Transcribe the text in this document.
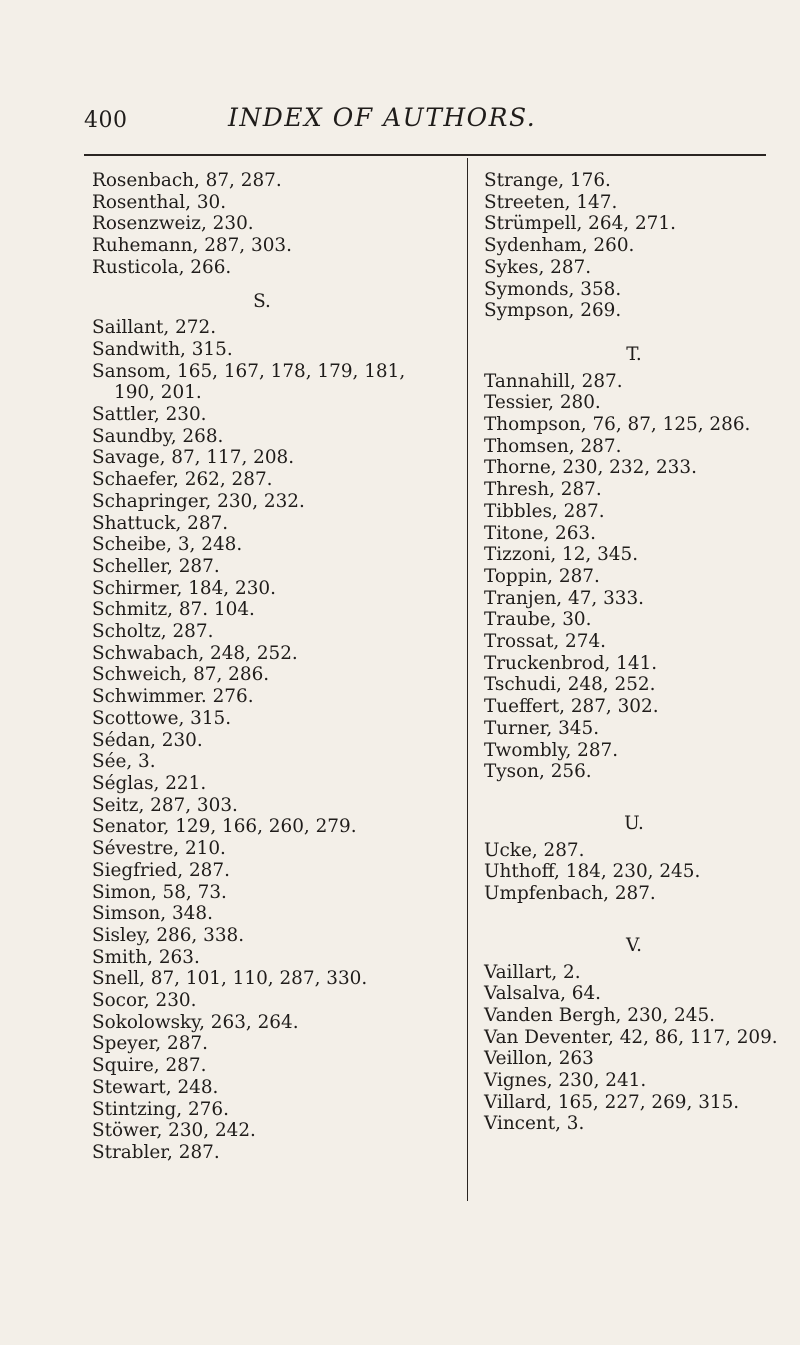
400	INDEX OF AUTHORS.
Rosenbach, 87, 287.
Rosenthal, 30.
Rosenzweiz, 230.
Ruhemann, 287, 303.
Rusticola, 266.
S.
Saillant, 272.
Sandwith, 315.
Sansom, 165, 167, 178, 179, 181,
190, 201.
Sattler, 230.
Saundby, 268.
Savage, 87, 117, 208.
Schaefer, 262, 287.
Schapringer, 230, 232.
Shattuck, 287.
Scheibe, 3, 248.
Scheller, 287.
Schirmer, 184, 230.
Schmitz, 87. 104.
Scholtz, 287.
Schwabach, 248, 252.
Schweich, 87, 286.
Schwimmer. 276.
Scottowe, 315.
Sédan, 230.
Sée, 3.
Séglas, 221.
Seitz, 287, 303.
Senator, 129, 166, 260, 279.
Sévestre, 210.
Siegfried, 287.
Simon, 58, 73.
Simson, 348.
Sisley, 286, 338.
Smith, 263.
Snell, 87, 101, 110, 287, 330.
Socor, 230.
Sokolowsky, 263, 264.
Speyer, 287.
Squire, 287.
Stewart, 248.
Stintzing, 276.
Stöwer, 230, 242.
Strabler, 287.
Strange, 176.
Streeten, 147.
Strümpell, 264, 271.
Sydenham, 260.
Sykes, 287.
Symonds, 358.
Sympson, 269.
T.
Tannahill, 287.
Tessier, 280.
Thompson, 76, 87, 125, 286.
Thomsen, 287.
Thorne, 230, 232, 233.
Thresh, 287.
Tibbles, 287.
Titone, 263.
Tizzoni, 12, 345.
Toppin, 287.
Tranjen, 47, 333.
Traube, 30.
Trossat, 274.
Truckenbrod, 141.
Tschudi, 248, 252.
Tueffert, 287, 302.
Turner, 345.
Twombly, 287.
Tyson, 256.
U.
Ucke, 287.
Uhthoff, 184, 230, 245.
Umpfenbach, 287.
V.
Vaillart, 2.
Valsalva, 64.
Vanden Bergh, 230, 245.
Van Deventer, 42, 86, 117, 209.
Veillon, 263
Vignes, 230, 241.
Villard, 165, 227, 269, 315.
Vincent, 3.
